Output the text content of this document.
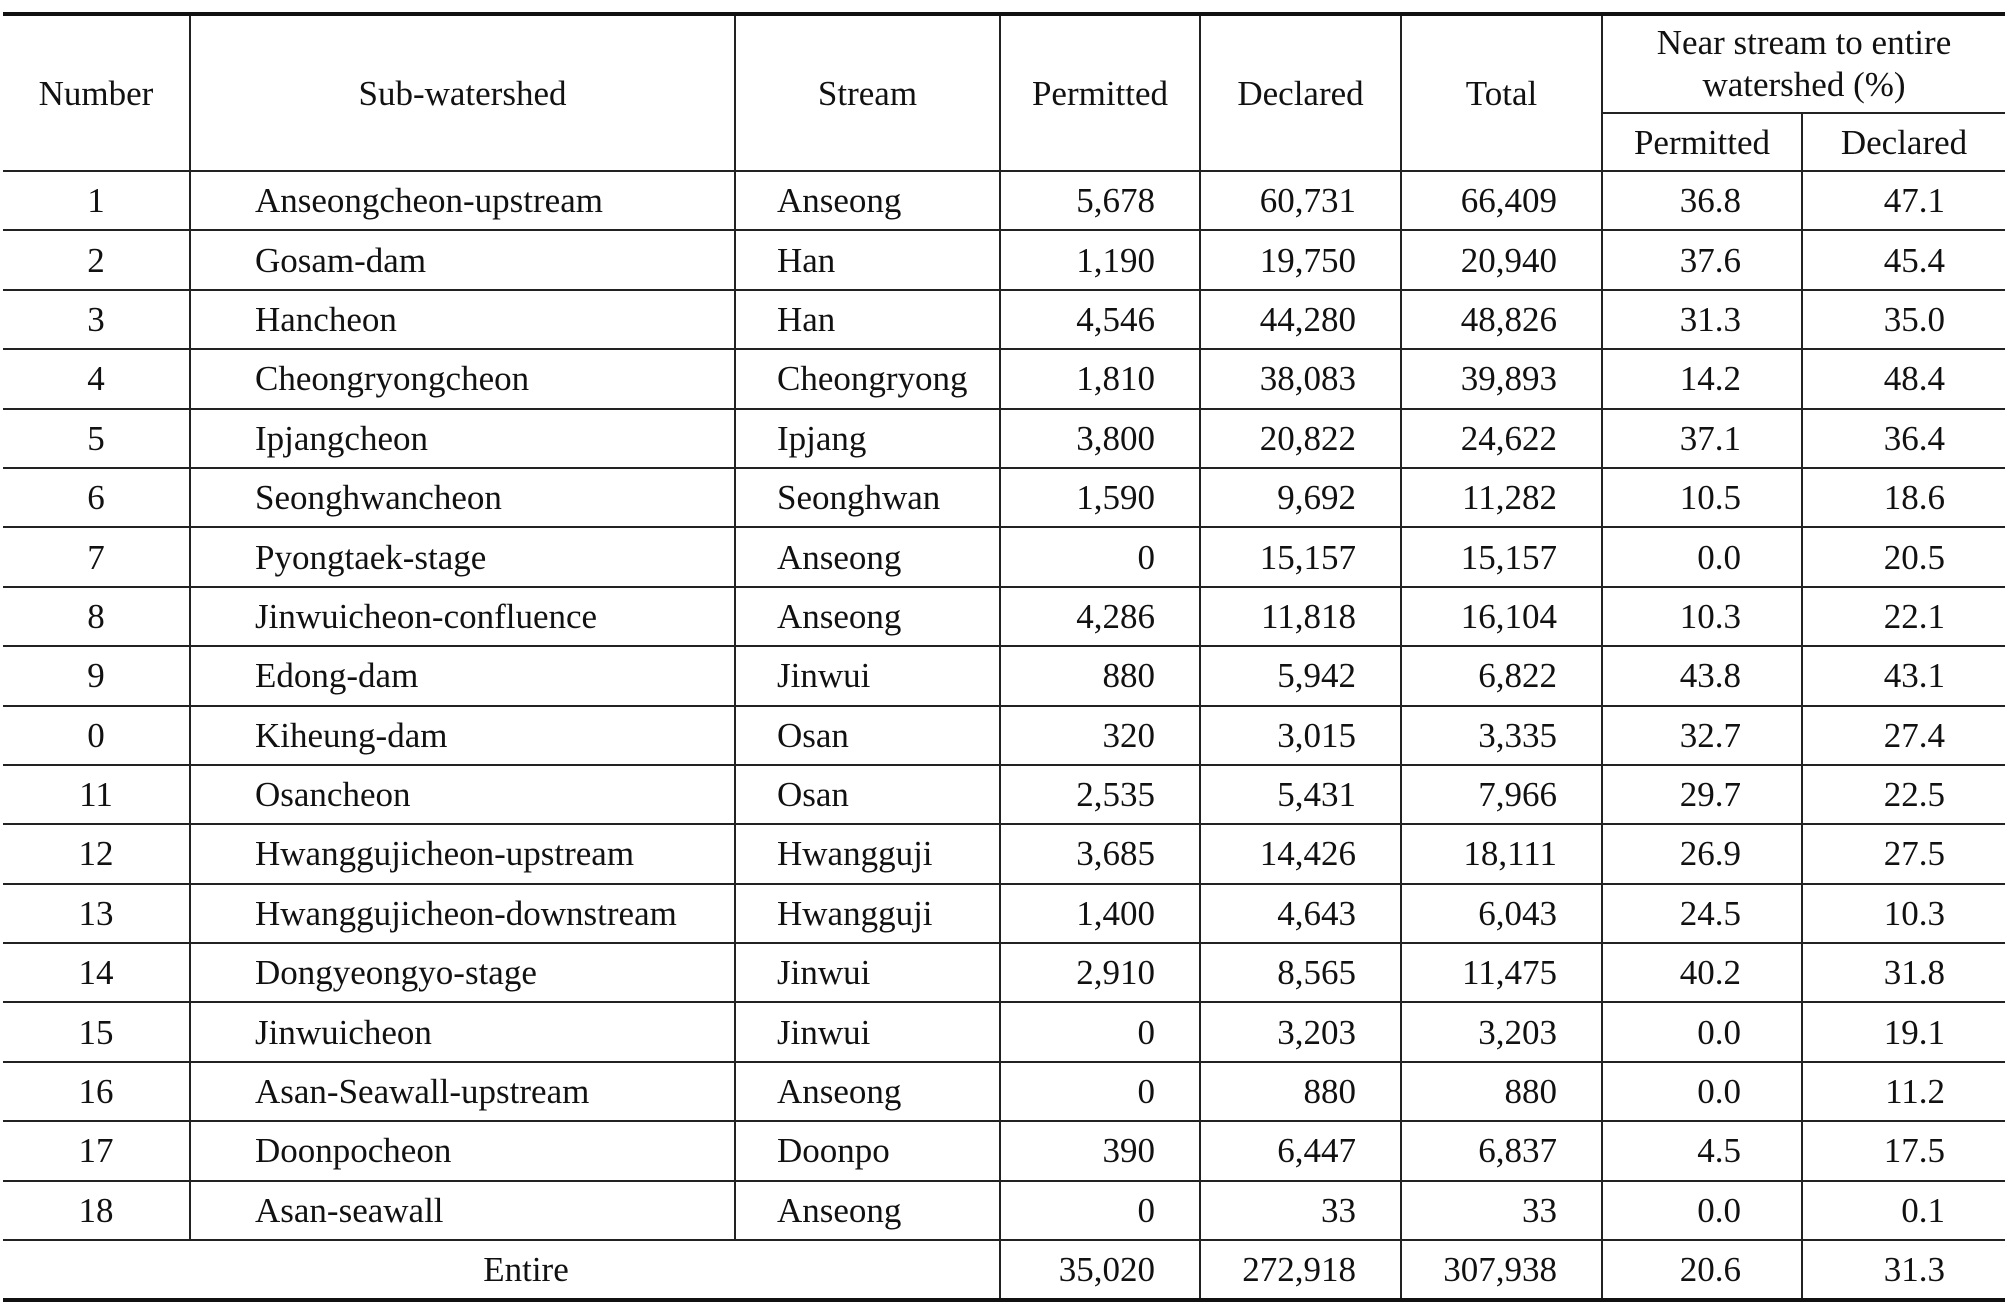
Number	Sub-watershed	Stream	Permitted	Declared	Total	Near stream to entire
watershed (%)	

						Permitted	Declared
1	Anseongcheon-upstream	Anseong	5,678	60,731	66,409	36.8	47.1
2	Gosam-dam	Han	1,190	19,750	20,940	37.6	45.4
3	Hancheon	Han	4,546	44,280	48,826	31.3	35.0
4	Cheongryongcheon	Cheongryong	1,810	38,083	39,893	14.2	48.4
5	Ipjangcheon	Ipjang	3,800	20,822	24,622	37.1	36.4
6	Seonghwancheon	Seonghwan	1,590	9,692	11,282	10.5	18.6
7	Pyongtaek-stage	Anseong	0	15,157	15,157	0.0	20.5
8	Jinwuicheon-confluence	Anseong	4,286	11,818	16,104	10.3	22.1
9	Edong-dam	Jinwui	880	5,942	6,822	43.8	43.1
0	Kiheung-dam	Osan	320	3,015	3,335	32.7	27.4
11	Osancheon	Osan	2,535	5,431	7,966	29.7	22.5
12	Hwanggujicheon-upstream	Hwangguji	3,685	14,426	18,111	26.9	27.5
13	Hwanggujicheon-downstream	Hwangguji	1,400	4,643	6,043	24.5	10.3
14	Dongyeongyo-stage	Jinwui	2,910	8,565	11,475	40.2	31.8
15	Jinwuicheon	Jinwui	0	3,203	3,203	0.0	19.1
16	Asan-Seawall-upstream	Anseong	0	880	880	0.0	11.2
17	Doonpocheon	Doonpo	390	6,447	6,837	4.5	17.5
18	Asan-seawall	Anseong	0	33	33	0.0	0.1
Entire			35,020	272,918	307,938	20.6	31.3
